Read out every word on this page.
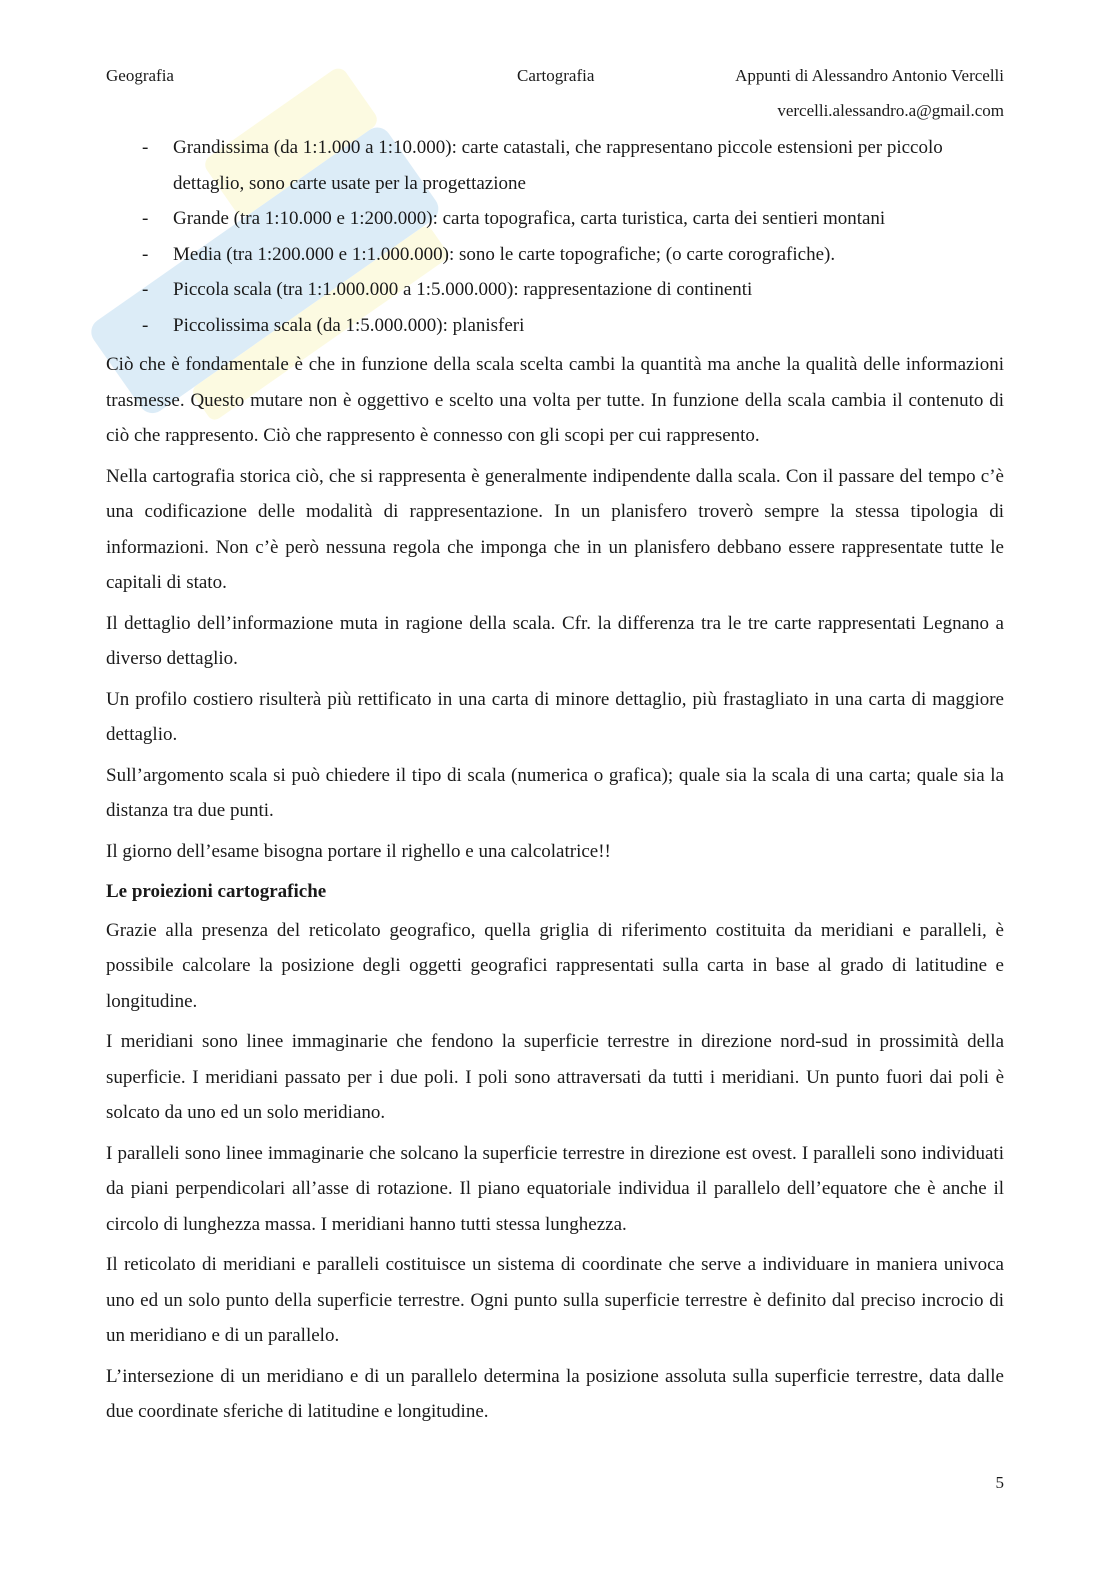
Geografia	Cartografia	Appunti di Alessandro Antonio Vercelli
vercelli.alessandro.a@gmail.com
- Grandissima (da 1:1.000 a 1:10.000): carte catastali, che rappresentano piccole estensioni per piccolo dettaglio, sono carte usate per la progettazione
- Grande (tra 1:10.000 e 1:200.000): carta topografica, carta turistica, carta dei sentieri montani
- Media (tra 1:200.000 e 1:1.000.000): sono le carte topografiche; (o carte corografiche).
- Piccola scala (tra 1:1.000.000 a 1:5.000.000): rappresentazione di continenti
- Piccolissima scala (da 1:5.000.000): planisferi

Ciò che è fondamentale è che in funzione della scala scelta cambi la quantità ma anche la qualità delle informazioni trasmesse. Questo mutare non è oggettivo e scelto una volta per tutte. In funzione della scala cambia il contenuto di ciò che rappresento. Ciò che rappresento è connesso con gli scopi per cui rappresento.

Nella cartografia storica ciò, che si rappresenta è generalmente indipendente dalla scala. Con il passare del tempo c’è una codificazione delle modalità di rappresentazione. In un planisfero troverò sempre la stessa tipologia di informazioni. Non c’è però nessuna regola che imponga che in un planisfero debbano essere rappresentate tutte le capitali di stato.

Il dettaglio dell’informazione muta in ragione della scala. Cfr. la differenza tra le tre carte rappresentati Legnano a diverso dettaglio.

Un profilo costiero risulterà più rettificato in una carta di minore dettaglio, più frastagliato in una carta di maggiore dettaglio.

Sull’argomento scala si può chiedere il tipo di scala (numerica o grafica); quale sia la scala di una carta; quale sia la distanza tra due punti.

Il giorno dell’esame bisogna portare il righello e una calcolatrice!!

Le proiezioni cartografiche

Grazie alla presenza del reticolato geografico, quella griglia di riferimento costituita da meridiani e paralleli, è possibile calcolare la posizione degli oggetti geografici rappresentati sulla carta in base al grado di latitudine e longitudine.

I meridiani sono linee immaginarie che fendono la superficie terrestre in direzione nord-sud in prossimità della superficie. I meridiani passato per i due poli. I poli sono attraversati da tutti i meridiani. Un punto fuori dai poli è solcato da uno ed un solo meridiano.

I paralleli sono linee immaginarie che solcano la superficie terrestre in direzione est ovest. I paralleli sono individuati da piani perpendicolari all’asse di rotazione. Il piano equatoriale individua il parallelo dell’equatore che è anche il circolo di lunghezza massa. I meridiani hanno tutti stessa lunghezza.

Il reticolato di meridiani e paralleli costituisce un sistema di coordinate che serve a individuare in maniera univoca uno ed un solo punto della superficie terrestre. Ogni punto sulla superficie terrestre è definito dal preciso incrocio di un meridiano e di un parallelo.

L’intersezione di un meridiano e di un parallelo determina la posizione assoluta sulla superficie terrestre, data dalle due coordinate sferiche di latitudine e longitudine.

5
